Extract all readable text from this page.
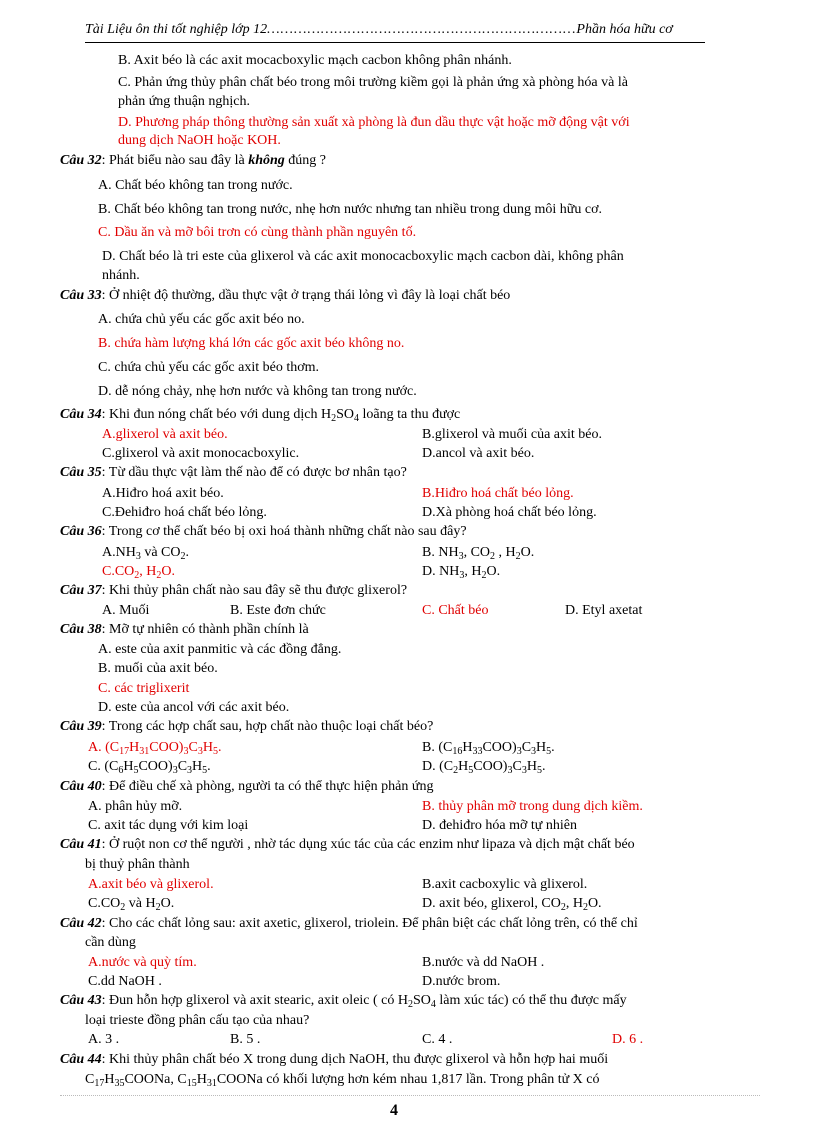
Tài Liệu ôn thi tốt nghiệp lớp 12……………………………………………………………Phần hóa hữu cơ
B. Axit béo là các axit mocacboxylic mạch cacbon không phân nhánh.
C. Phản ứng thủy phân chất béo trong môi trường kiềm gọi là phản ứng xà phòng hóa và là
phản ứng thuận nghịch.
D. Phương pháp thông thường sản xuất xà phòng là đun dầu thực vật hoặc mỡ động vật với
dung dịch NaOH hoặc KOH.
Câu 32: Phát biểu nào sau đây là không đúng ?
A. Chất béo không tan trong nước.
B. Chất béo không tan trong nước, nhẹ hơn nước nhưng tan nhiều trong dung môi hữu cơ.
C. Dầu ăn và mỡ bôi trơn có cùng thành phần nguyên tố.
D. Chất béo là tri este của glixerol và các axit monocacboxylic mạch cacbon dài, không phân
nhánh.
Câu 33: Ở nhiệt độ thường, dầu thực vật ở trạng thái lỏng vì đây là loại chất béo
A. chứa chủ yếu các gốc axit béo no.
B. chứa hàm lượng khá lớn các gốc axit béo không no.
C. chứa chủ yếu các gốc axit béo thơm.
D. dễ nóng chảy, nhẹ hơn nước và không tan trong nước.
Câu 34: Khi đun nóng chất béo với dung dịch $H_2SO_4$ loãng ta thu được
A.glixerol và axit béo.	B.glixerol và muối của axit béo.
C.glixerol và axit monocacboxylic.	D.ancol và axit béo.
Câu 35: Từ dầu thực vật làm thế nào để có được bơ nhân tạo?
A.Hiđro hoá axit béo.	B.Hiđro hoá chất béo lỏng.
C.Đehiđro hoá chất béo lỏng.	D.Xà phòng hoá chất béo lỏng.
Câu 36: Trong cơ thể chất béo bị oxi hoá thành những chất nào sau đây?
$A.NH_3$ và $CO_2$.	B. $NH_3$, $CO_2$ , $H_2O$.
$C.CO_2$, $H_2O$.	D. $NH_3$, $H_2O$.
Câu 37: Khi thủy phân chất nào sau đây sẽ thu được glixerol?
A. Muối	B. Este đơn chức	C. Chất béo	D. Etyl axetat
Câu 38: Mỡ tự nhiên có thành phần chính là
A. este của axit panmitic và các đồng đẳng.
B. muối của axit béo.
C. các triglixerit
D. este của ancol với các axit béo.
Câu 39: Trong các hợp chất sau, hợp chất nào thuộc loại chất béo?
A. $(C_{17}H_{31}COO)_3C_3H_5$.	B. $(C_{16}H_{33}COO)_3C_3H_5$.
C. $(C_6H_5COO)_3C_3H_5$.	D. $(C_2H_5COO)_3C_3H_5$.
Câu 40: Để điều chế xà phòng, người ta có thể thực hiện phản ứng
A. phân hủy mỡ.	B. thủy phân mỡ trong dung dịch kiềm.
C. axit tác dụng với kim loại	D. đehiđro hóa mỡ tự nhiên
Câu 41: Ở ruột non cơ thể người , nhờ tác dụng xúc tác của các enzim như lipaza và dịch mật chất béo
bị thuỷ phân thành
A.axit béo và glixerol.	B.axit cacboxylic và glixerol.
$C.CO_2$ và $H_2O$.	D. axit béo, glixerol, $CO_2$, $H_2O$.
Câu 42: Cho các chất lỏng sau: axit axetic, glixerol, triolein. Để phân biệt các chất lỏng trên, có thể chỉ
cần dùng
A.nước và quỳ tím.	B.nước và dd NaOH .
C.dd NaOH .	D.nước brom.
Câu 43: Đun hỗn hợp glixerol và axit stearic, axit oleic ( có $H_2SO_4$ làm xúc tác) có thể thu được mấy
loại trieste đồng phân cấu tạo của nhau?
A. 3 .	B. 5 .	C. 4 .	D. 6 .
Câu 44: Khi thủy phân chất béo X trong dung dịch NaOH, thu được glixerol và hỗn hợp hai muối
$C_{17}H_{35}COONa$, $C_{15}H_{31}COONa$ có khối lượng hơn kém nhau 1,817 lần. Trong phân tử X có
4
